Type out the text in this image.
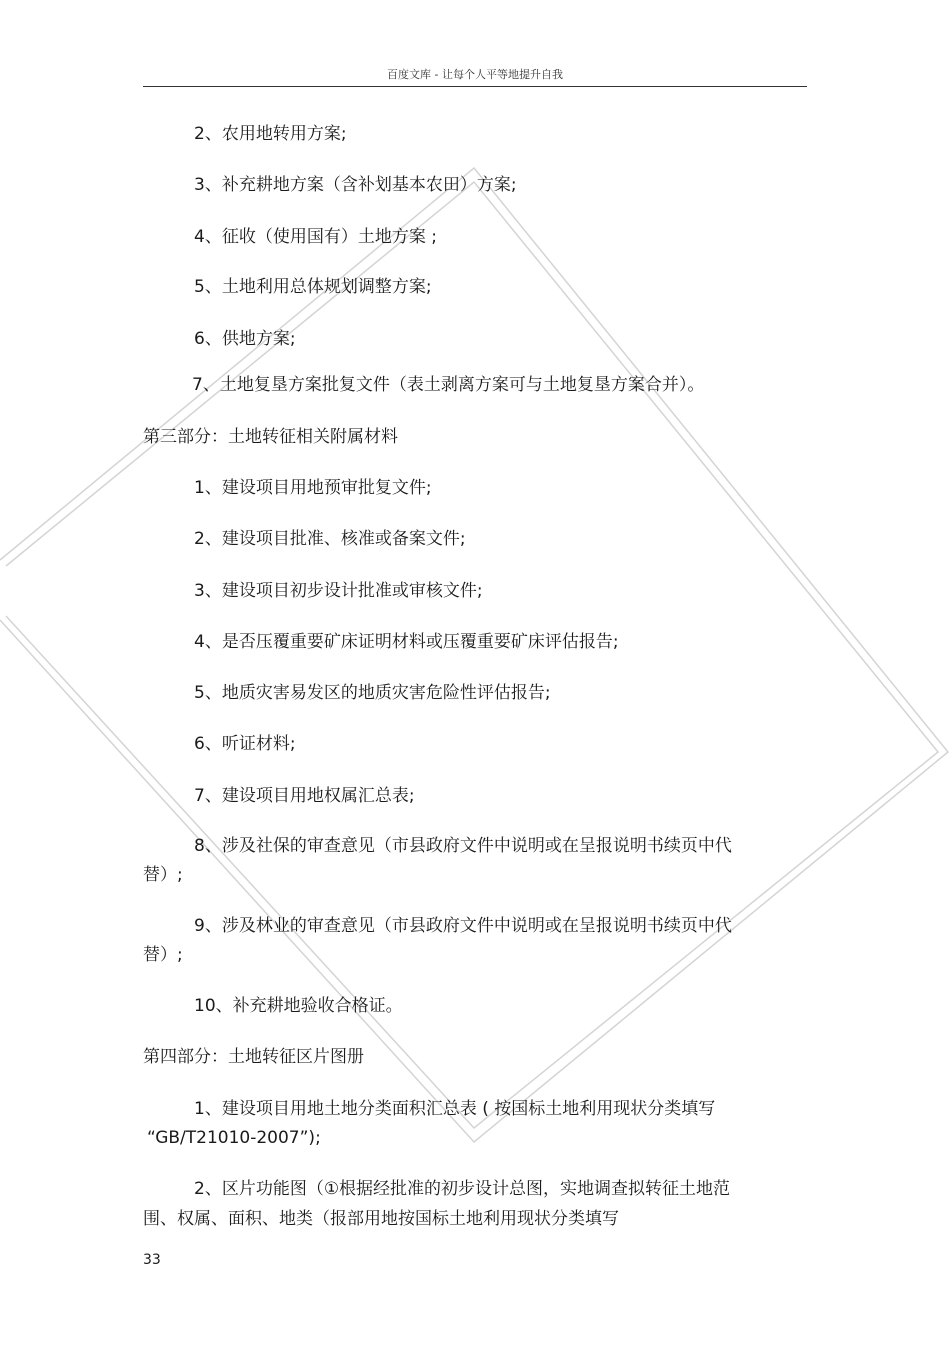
百度文库 - 让每个人平等地提升自我
2、农用地转用方案;
3、补充耕地方案（含补划基本农田）方案;
4、征收（使用国有）土地方案 ;
5、土地利用总体规划调整方案;
6、供地方案;
7、土地复垦方案批复文件（表土剥离方案可与土地复垦方案合并）。
第三部分：土地转征相关附属材料
1、建设项目用地预审批复文件;
2、建设项目批准、核准或备案文件;
3、建设项目初步设计批准或审核文件;
4、是否压覆重要矿床证明材料或压覆重要矿床评估报告;
5、地质灾害易发区的地质灾害危险性评估报告;
6、听证材料;
7、建设项目用地权属汇总表;
8、涉及社保的审查意见（市县政府文件中说明或在呈报说明书续页中代
替）;
9、涉及林业的审查意见（市县政府文件中说明或在呈报说明书续页中代
替）;
10、补充耕地验收合格证。
第四部分：土地转征区片图册
1、建设项目用地土地分类面积汇总表 ( 按国标土地利用现状分类填写
“GB/T21010-2007”);
2、区片功能图（①根据经批准的初步设计总图，实地调查拟转征土地范
围、权属、面积、地类（报部用地按国标土地利用现状分类填写
33
